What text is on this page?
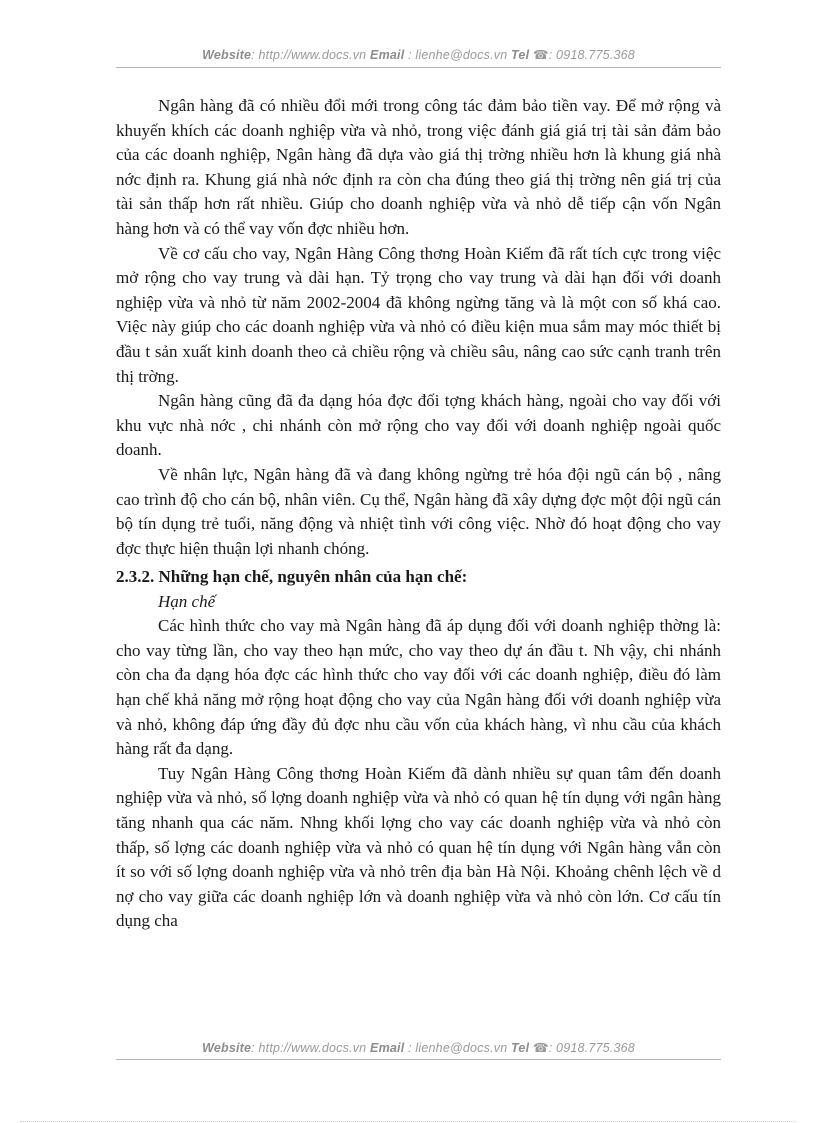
Website: http://www.docs.vn Email : lienhe@docs.vn Tel ☎: 0918.775.368

Ngân hàng đã có nhiều đổi mới trong công tác đảm bảo tiền vay. Để mở rộng và khuyến khích các doanh nghiệp vừa và nhỏ, trong việc đánh giá giá trị tài sản đảm bảo của các doanh nghiệp, Ngân hàng đã dựa vào giá thị trờng nhiều hơn là khung giá nhà nớc định ra. Khung giá nhà nớc định ra còn cha đúng theo giá thị trờng nên giá trị của tài sản thấp hơn rất nhiều. Giúp cho doanh nghiệp vừa và nhỏ dễ tiếp cận vốn Ngân hàng hơn và có thể vay vốn đợc nhiều hơn.

Về cơ cấu cho vay, Ngân Hàng Công thơng Hoàn Kiếm đã rất tích cực trong việc mở rộng cho vay trung và dài hạn. Tỷ trọng cho vay trung và dài hạn đối với doanh nghiệp vừa và nhỏ từ năm 2002-2004 đã không ngừng tăng và là một con số khá cao. Việc này giúp cho các doanh nghiệp vừa và nhỏ có điều kiện mua sắm may móc thiết bị đầu t sản xuất kinh doanh theo cả chiều rộng và chiều sâu, nâng cao sức cạnh tranh trên thị trờng.

Ngân hàng cũng đã đa dạng hóa đợc đối tợng khách hàng, ngoài cho vay đối với khu vực nhà nớc , chi nhánh còn mở rộng cho vay đối với doanh nghiệp ngoài quốc doanh.

Về nhân lực, Ngân hàng đã và đang không ngừng trẻ hóa đội ngũ cán bộ , nâng cao trình độ cho cán bộ, nhân viên. Cụ thể, Ngân hàng đã xây dựng đợc một đội ngũ cán bộ tín dụng trẻ tuổi, năng động và nhiệt tình với công việc. Nhờ đó hoạt động cho vay đợc thực hiện thuận lợi nhanh chóng.

2.3.2. Những hạn chế, nguyên nhân của hạn chế:

Hạn chế

Các hình thức cho vay mà Ngân hàng đã áp dụng đối với doanh nghiệp thờng là: cho vay từng lần, cho vay theo hạn mức, cho vay theo dự án đầu t. Nh vậy, chi nhánh còn cha đa dạng hóa đợc các hình thức cho vay đối với các doanh nghiệp, điều đó làm hạn chế khả năng mở rộng hoạt động cho vay của Ngân hàng đối với doanh nghiệp vừa và nhỏ, không đáp ứng đầy đủ đợc nhu cầu vốn của khách hàng, vì nhu cầu của khách hàng rất đa dạng.

Tuy Ngân Hàng Công thơng Hoàn Kiếm đã dành nhiều sự quan tâm đến doanh nghiệp vừa và nhỏ, số lợng doanh nghiệp vừa và nhỏ có quan hệ tín dụng với ngân hàng tăng nhanh qua các năm. Nhng khối lợng cho vay các doanh nghiệp vừa và nhỏ còn thấp, số lợng các doanh nghiệp vừa và nhỏ có quan hệ tín dụng với Ngân hàng vẫn còn ít so với số lợng doanh nghiệp vừa và nhỏ trên địa bàn Hà Nội. Khoảng chênh lệch về d nợ cho vay giữa các doanh nghiệp lớn và doanh nghiệp vừa và nhỏ còn lớn. Cơ cấu tín dụng cha

Website: http://www.docs.vn Email : lienhe@docs.vn Tel ☎: 0918.775.368
